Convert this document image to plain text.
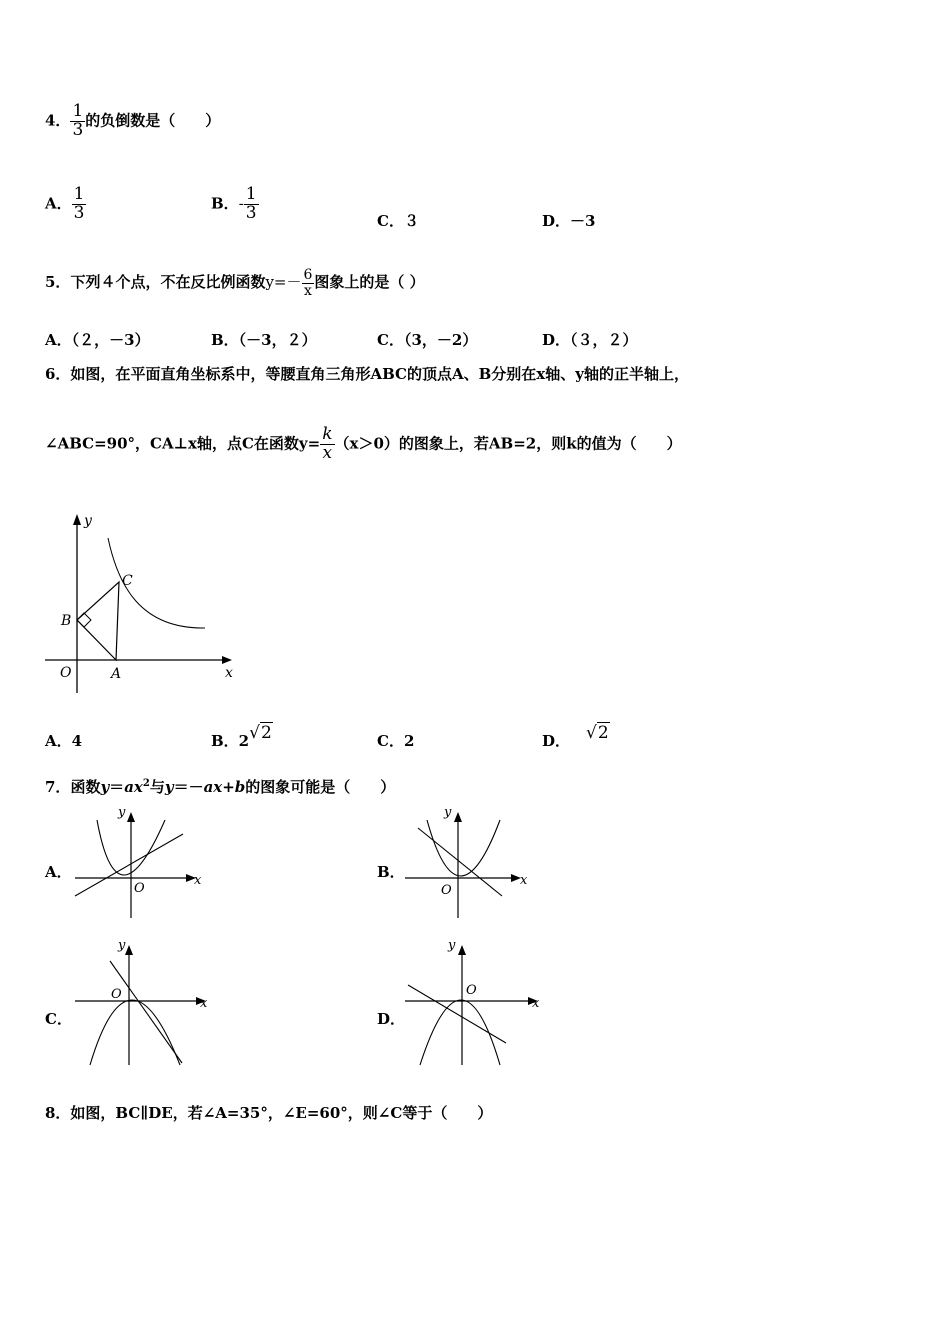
4． $\frac{1}{3}$ 的负倒数是（　　）
A． $\frac{1}{3}$	B．- $\frac{1}{3}$	C．３	D．－3
5．下列４个点，不在反比例函数$y=- \frac{6}{x}$ 图象上的是（ ）
A．（２，－3）	B．（－3，２）	C．（3，－2）	D．（３，２）
6．如图，在平面直角坐标系中，等腰直角三角形ABC的顶点A、B分别在x轴、y轴的正半轴上，
∠ABC=90°，CA⊥x轴，点C在函数$y= \frac{k}{x} (x>0)$的图象上，若AB=2，则k的值为（　　）
y
x
O	A
B
C
A．4	B．2√2	C．2	D． √2
7．函数$y=ax^2$与y＝－ax+b的图象可能是（　　）
A．
y
x
O
B．
y
x
O
C．
y
x
O
D．
y
x
O
8．如图，BC∥DE，若∠A=35°，∠E=60°，则∠C等于（　　）
